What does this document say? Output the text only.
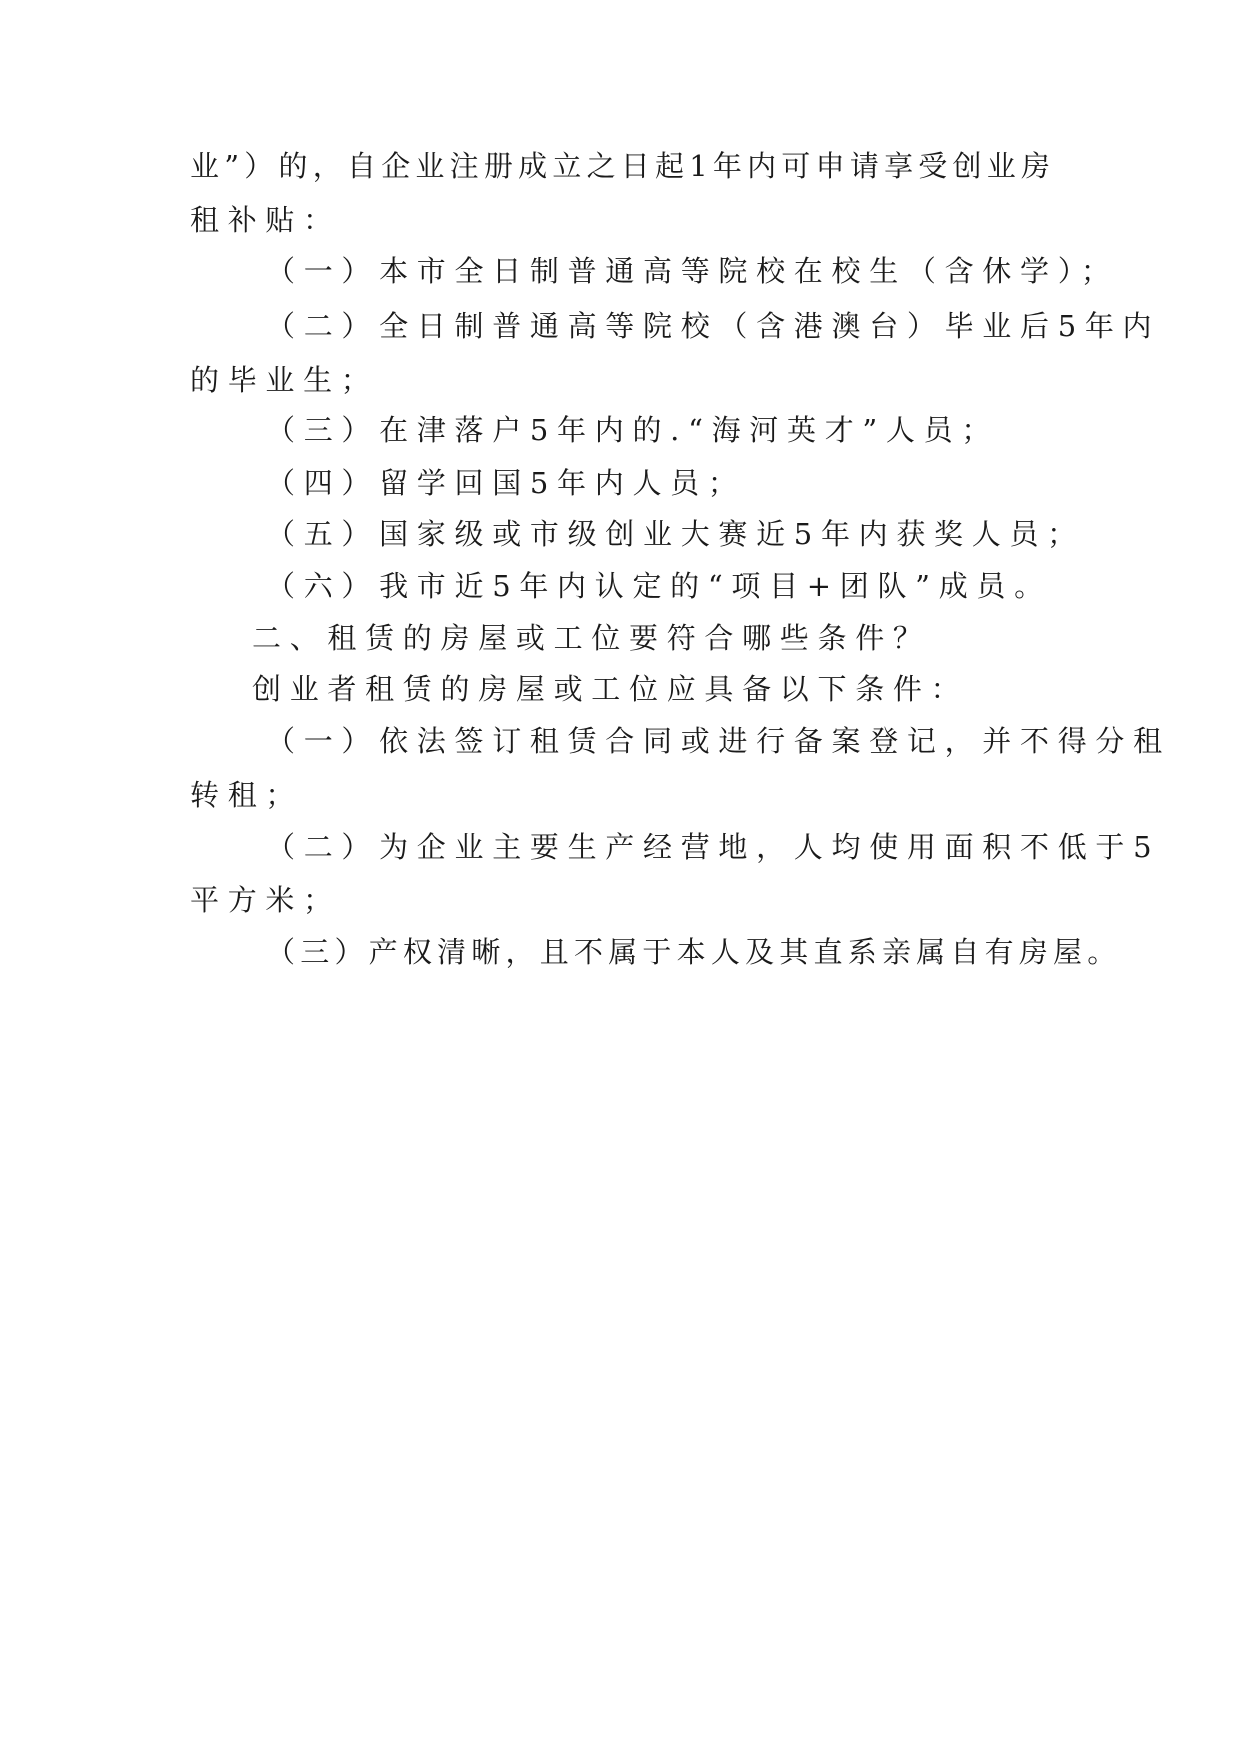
业”）的，自企业注册成立之日起1年内可申请享受创业房

租补贴：

（一）本市全日制普通高等院校在校生（含休学）；

（二）全日制普通高等院校（含港澳台）毕业后5年内

的毕业生；

（三）在津落户5年内的.“海河英才”人员；

（四）留学回国5年内人员；

（五）国家级或市级创业大赛近5年内获奖人员；

（六）我市近5年内认定的“项目+团队”成员。

二、租赁的房屋或工位要符合哪些条件？

创业者租赁的房屋或工位应具备以下条件：

（一）依法签订租赁合同或进行备案登记，并不得分租

转租；

（二）为企业主要生产经营地，人均使用面积不低于5

平方米；

（三）产权清晰，且不属于本人及其直系亲属自有房屋。
